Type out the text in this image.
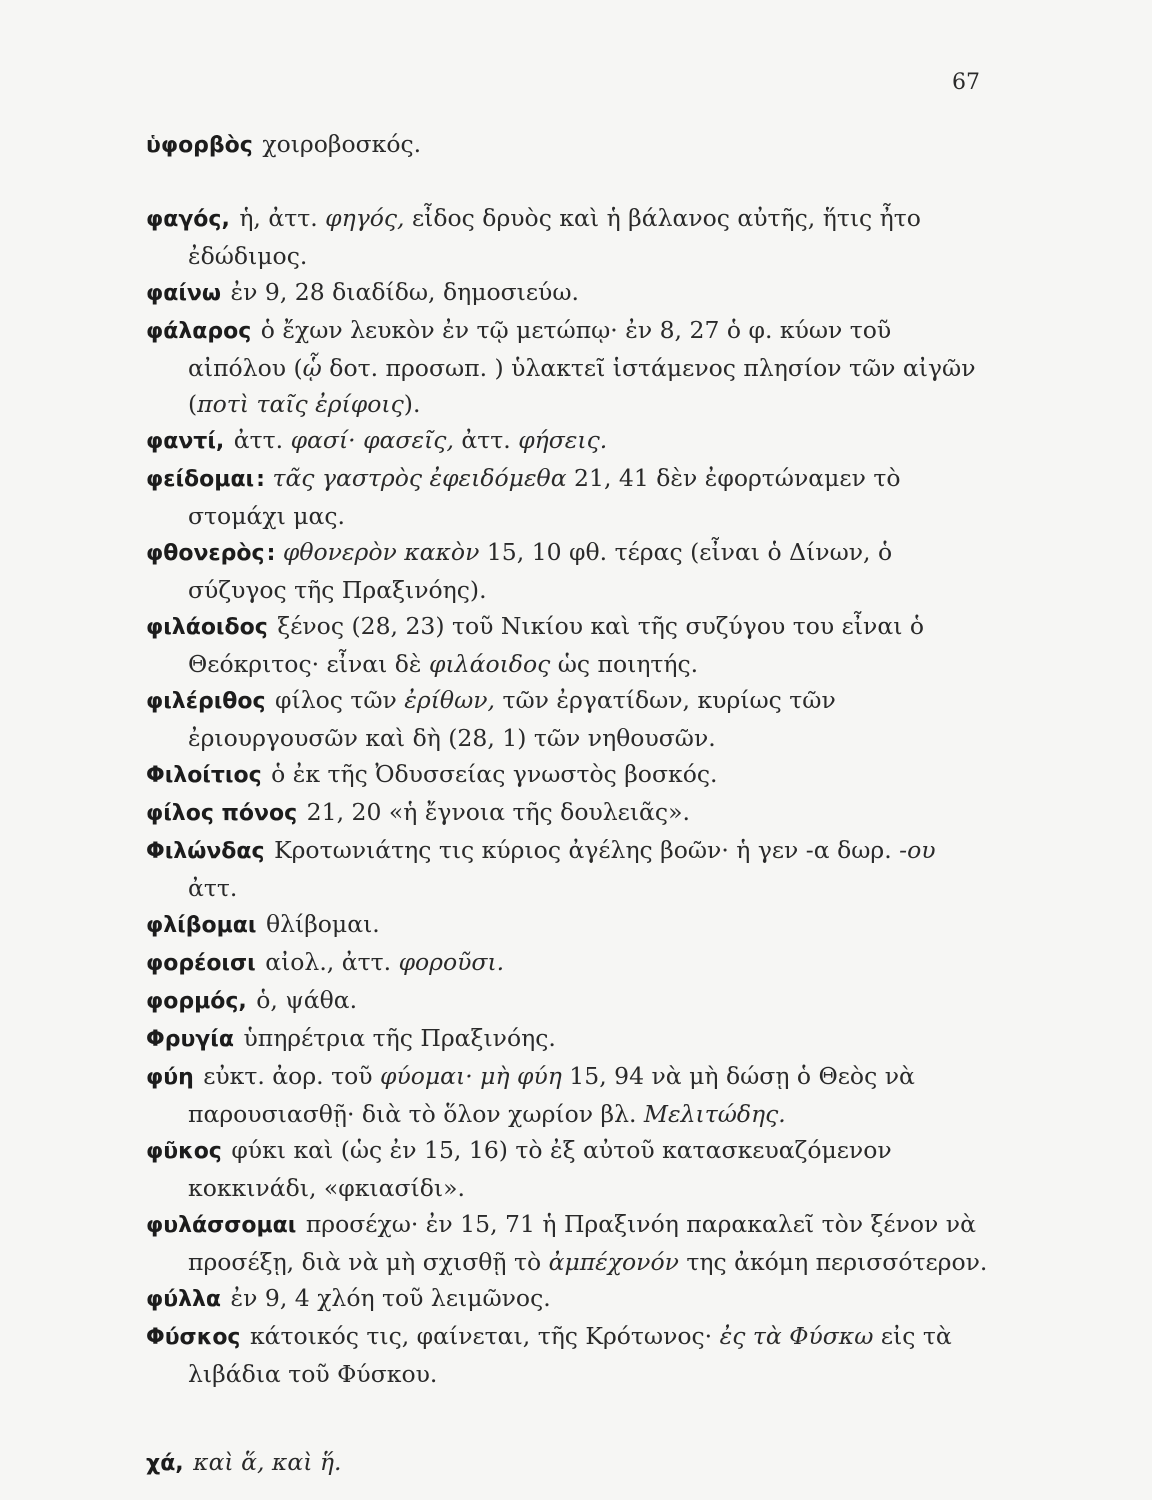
67

ὑφορβὸς χοιροβοσκός.

φαγός, ἡ, ἀττ. φηγός, εἶδος δρυὸς καὶ ἡ βάλανος αὐτῆς, ἥτις ἦτο ἐδώδιμος.

φαίνω ἐν 9, 28 διαδίδω, δημοσιεύω.

φάλαρος ὁ ἔχων λευκὸν ἐν τῷ μετώπῳ· ἐν 8, 27 ὁ φ. κύων τοῦ αἰπόλου (ᾧ δοτ. προσωπ. ) ὑλακτεῖ ἱστάμενος πλησίον τῶν αἰγῶν (ποτὶ ταῖς ἐρίφοις).

φαντί, ἀττ. φασί· φασεῖς, ἀττ. φήσεις.

φείδομαι: τᾶς γαστρὸς ἐφειδόμεθα 21, 41 δὲν ἐφορτώναμεν τὸ στομάχι μας.

φθονερὸς: φθονερὸν κακὸν 15, 10 φθ. τέρας (εἶναι ὁ Δίνων, ὁ σύζυγος τῆς Πραξινόης).

φιλάοιδος ξένος (28, 23) τοῦ Νικίου καὶ τῆς συζύγου του εἶναι ὁ Θεόκριτος· εἶναι δὲ φιλάοιδος ὡς ποιητής.

φιλέριθος φίλος τῶν ἐρίθων, τῶν ἐργατίδων, κυρίως τῶν ἐριουργουσῶν καὶ δὴ (28, 1) τῶν νηθουσῶν.

Φιλοίτιος ὁ ἐκ τῆς Ὀδυσσείας γνωστὸς βοσκός.

φίλος πόνος 21, 20 «ἡ ἔγνοια τῆς δουλειᾶς».

Φιλώνδας Κροτωνιάτης τις κύριος ἀγέλης βοῶν· ἡ γεν -α δωρ. -ου ἀττ.

φλίβομαι θλίβομαι.

φορέοισι αἰολ., ἀττ. φοροῦσι.

φορμός, ὁ, ψάθα.

Φρυγία ὑπηρέτρια τῆς Πραξινόης.

φύη εὐκτ. ἀορ. τοῦ φύομαι· μὴ φύη 15, 94 νὰ μὴ δώσῃ ὁ Θεὸς νὰ παρουσιασθῇ· διὰ τὸ ὅλον χωρίον βλ. Μελιτώδης.

φῦκος φύκι καὶ (ὡς ἐν 15, 16) τὸ ἐξ αὐτοῦ κατασκευαζόμενον κοκκινάδι, «φκιασίδι».

φυλάσσομαι προσέχω· ἐν 15, 71 ἡ Πραξινόη παρακαλεῖ τὸν ξένον νὰ προσέξῃ, διὰ νὰ μὴ σχισθῇ τὸ ἀμπέχονόν της ἀκόμη περισσότερον.

φύλλα ἐν 9, 4 χλόη τοῦ λειμῶνος.

Φύσκος κάτοικός τις, φαίνεται, τῆς Κρότωνος· ἐς τὰ Φύσκω εἰς τὰ λιβάδια τοῦ Φύσκου.

χά, καὶ ἅ, καὶ ἥ.
